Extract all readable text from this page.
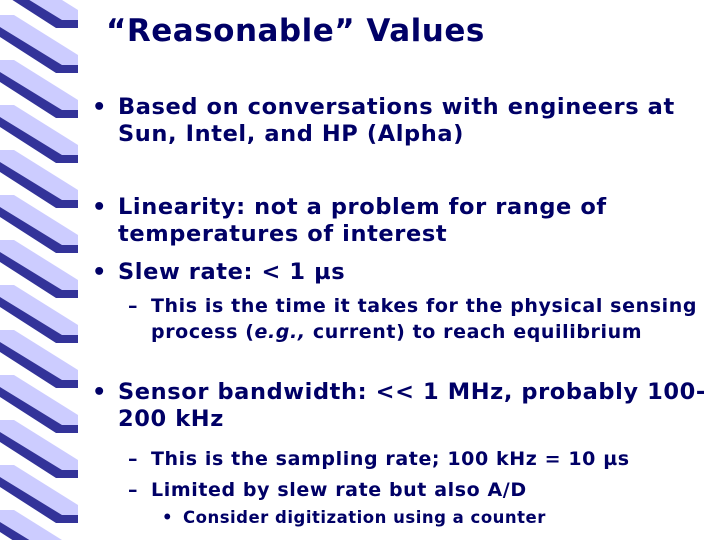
“Reasonable” Values
• Based on conversations with engineers at Sun, Intel, and HP (Alpha)
• Linearity: not a problem for range of temperatures of interest
• Slew rate: < 1 µs
– This is the time it takes for the physical sensing process (e.g., current) to reach equilibrium
• Sensor bandwidth: << 1 MHz, probably 100-200 kHz
– This is the sampling rate; 100 kHz = 10 µs
– Limited by slew rate but also A/D
• Consider digitization using a counter
